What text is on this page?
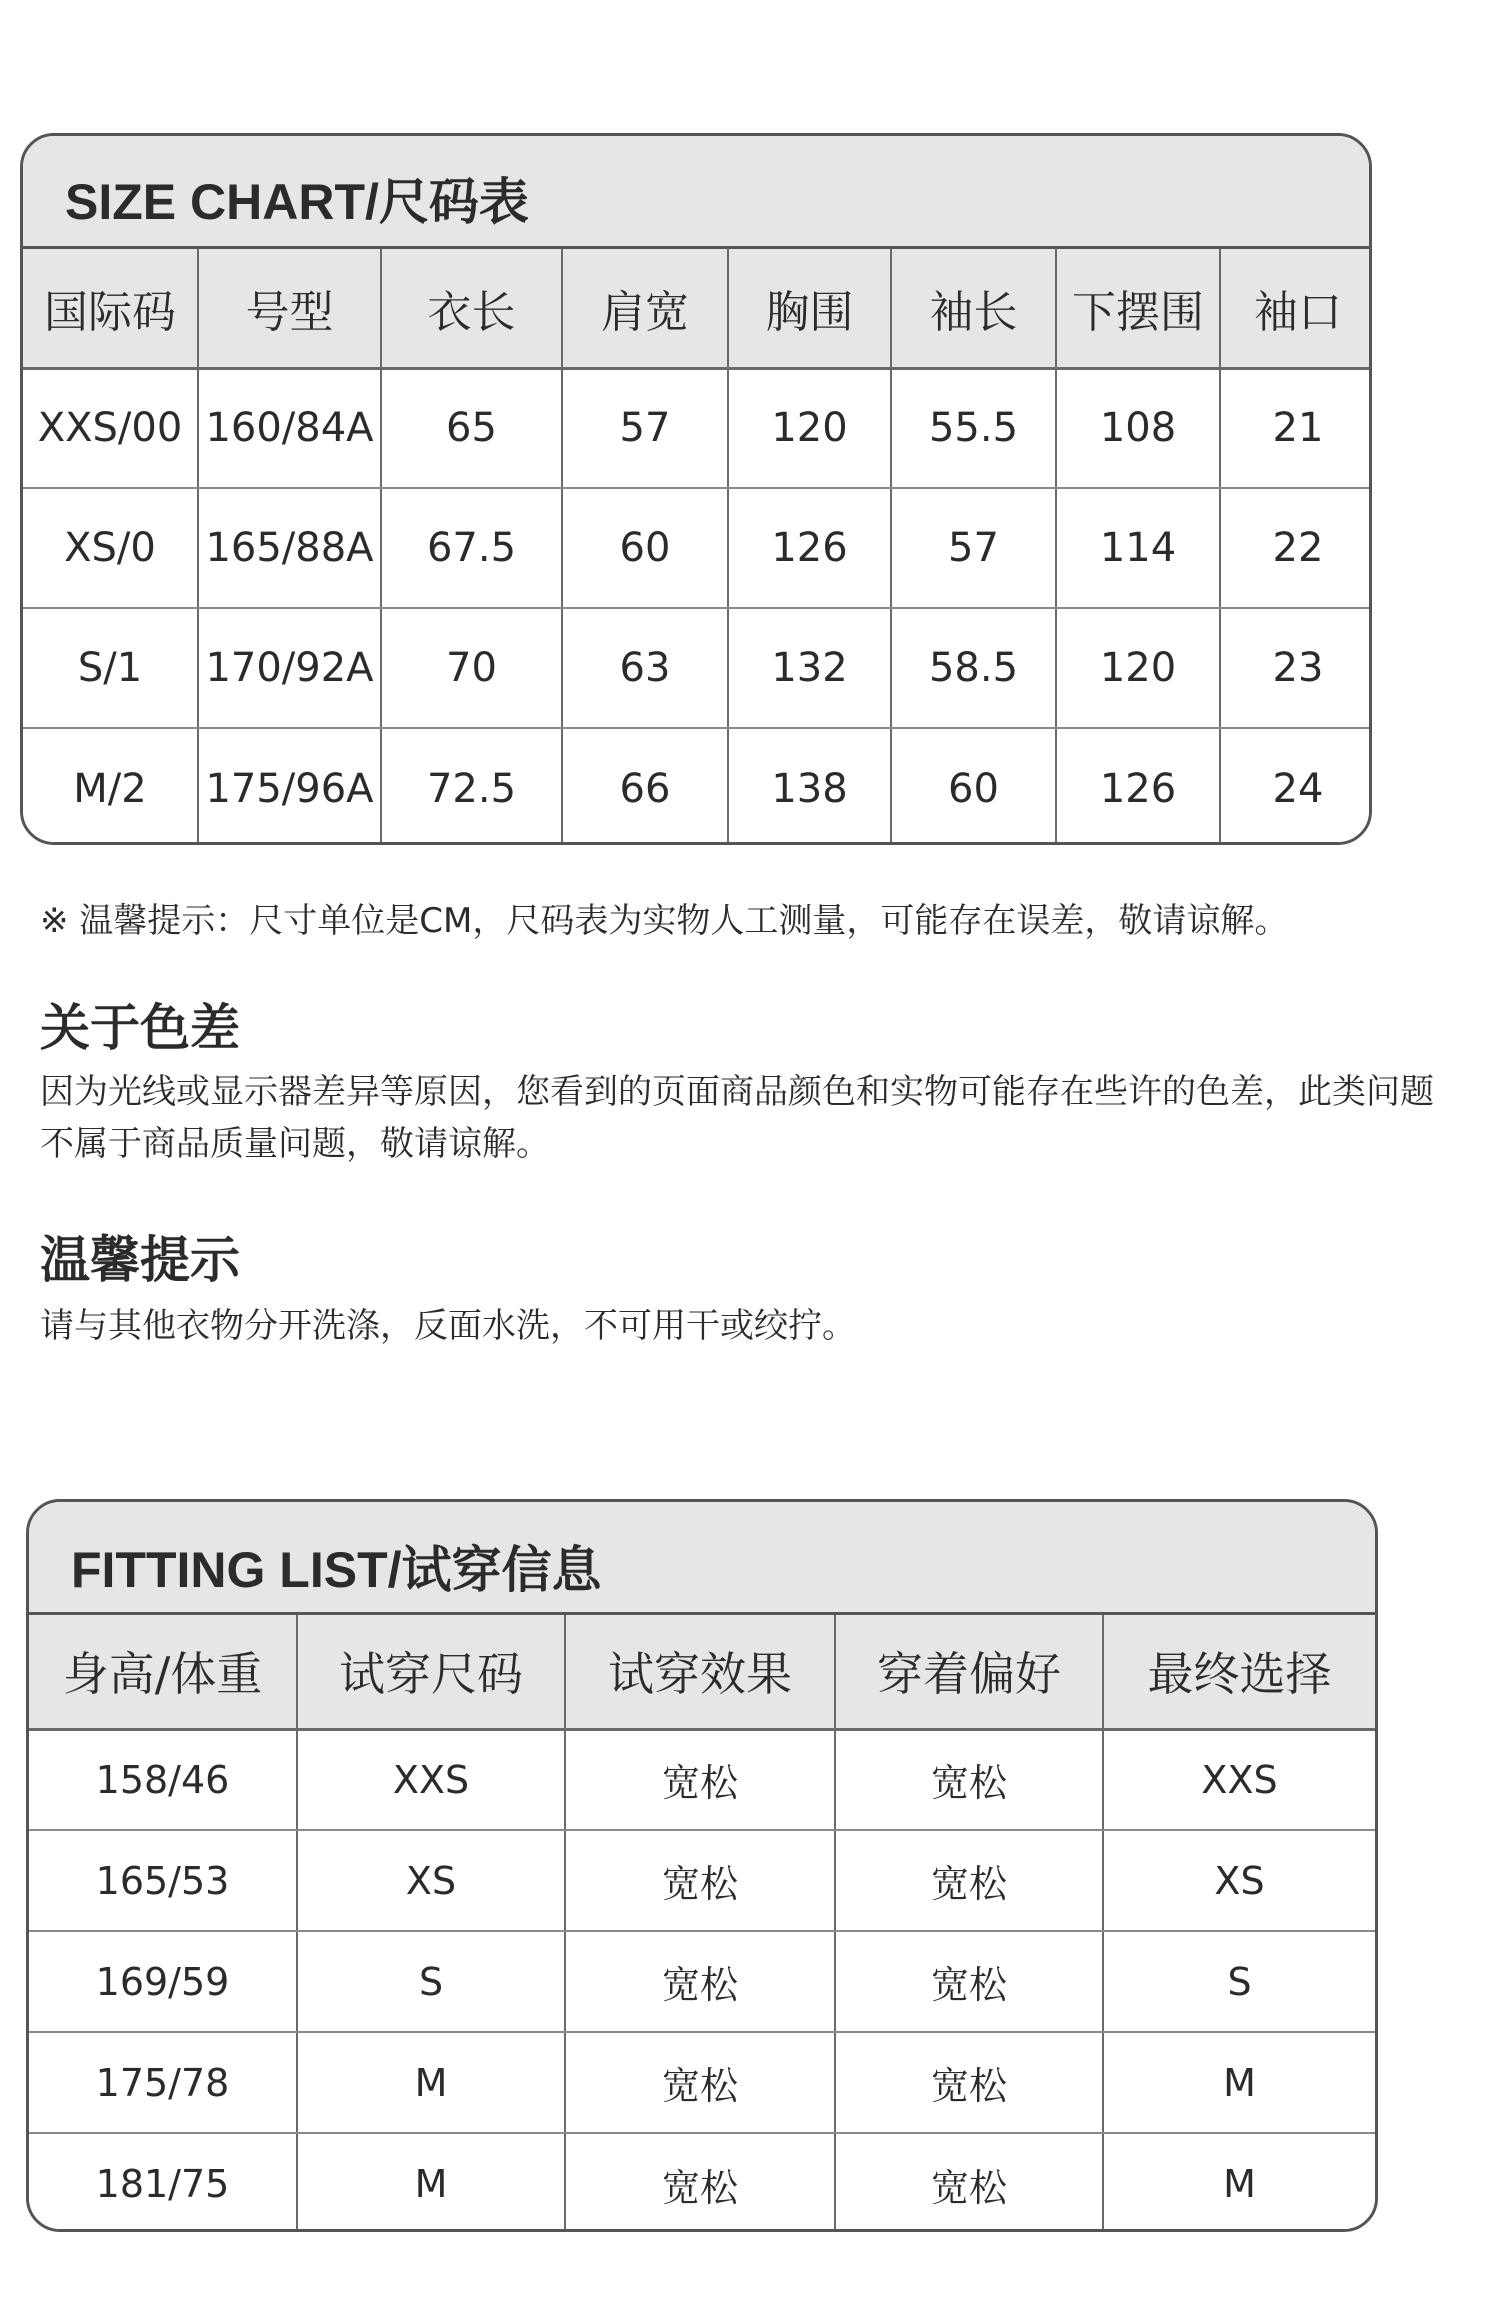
SIZE CHART/尺码表
国际码	号型	衣长	肩宽	胸围	袖长	下摆围	袖口
XXS/00	160/84A	65	57	120	55.5	108	21
XS/0	165/88A	67.5	60	126	57	114	22
S/1	170/92A	70	63	132	58.5	120	23
M/2	175/96A	72.5	66	138	60	126	24

※ 温馨提示：尺寸单位是CM，尺码表为实物人工测量，可能存在误差，敬请谅解。

关于色差

因为光线或显示器差异等原因，您看到的页面商品颜色和实物可能存在些许的色差，此类问题不属于商品质量问题，敬请谅解。

温馨提示

请与其他衣物分开洗涤，反面水洗，不可用干或绞拧。

FITTING LIST/试穿信息
身高/体重	试穿尺码	试穿效果	穿着偏好	最终选择
158/46	XXS	宽松	宽松	XXS
165/53	XS	宽松	宽松	XS
169/59	S	宽松	宽松	S
175/78	M	宽松	宽松	M
181/75	M	宽松	宽松	M
